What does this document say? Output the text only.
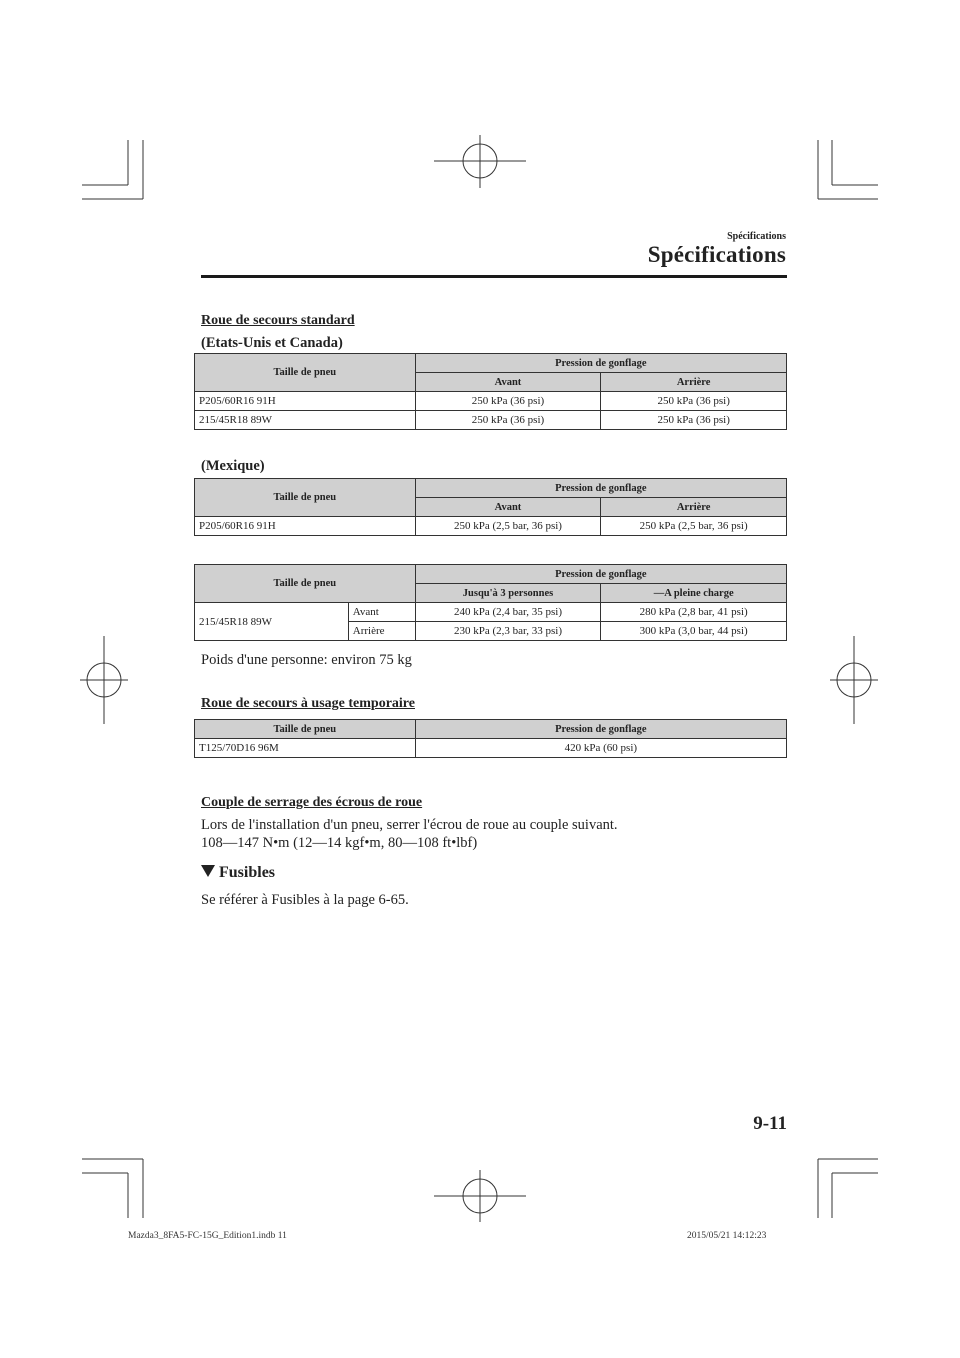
Spécifications
Spécifications
Roue de secours standard
(Etats-Unis et Canada)
Taille de pneu	Pression de gonflage	
	Avant	Arrière
P205/60R16 91H	250 kPa (36 psi)	250 kPa (36 psi)
215/45R18 89W	250 kPa (36 psi)	250 kPa (36 psi)
(Mexique)
Taille de pneu	Pression de gonflage	
	Avant	Arrière
P205/60R16 91H	250 kPa (2,5 bar, 36 psi)	250 kPa (2,5 bar, 36 psi)
Taille de pneu		Pression de gonflage	
		Jusqu'à 3 personnes	—A pleine charge
215/45R18 89W	Avant	240 kPa (2,4 bar, 35 psi)	280 kPa (2,8 bar, 41 psi)
	Arrière	230 kPa (2,3 bar, 33 psi)	300 kPa (3,0 bar, 44 psi)
Poids d'une personne: environ 75 kg
Roue de secours à usage temporaire
Taille de pneu	Pression de gonflage
T125/70D16 96M	420 kPa (60 psi)
Couple de serrage des écrous de roue
Lors de l'installation d'un pneu, serrer l'écrou de roue au couple suivant.
108—147 N•m (12—14 kgf•m, 80—108 ft•lbf)
Fusibles
Se référer à Fusibles à la page 6-65.
9-11
Mazda3_8FA5-FC-15G_Edition1.indb 11	2015/05/21 14:12:23
